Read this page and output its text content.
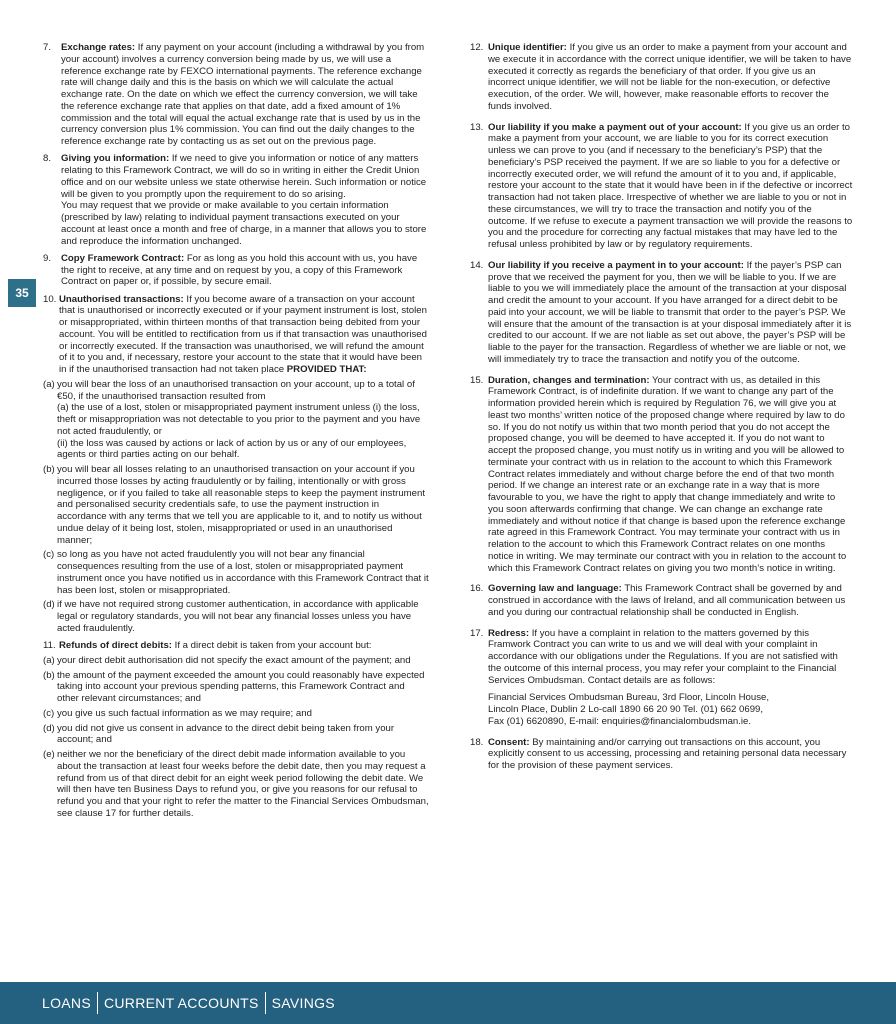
35
7. Exchange rates: If any payment on your account (including a withdrawal by you from your account) involves a currency conversion being made by us, we will use a reference exchange rate by FEXCO international payments. The reference exchange rate will change daily and this is the basis on which we will calculate the actual exchange rate. On the date on which we effect the currency conversion, we will take the reference exchange rate that applies on that date, add a fixed amount of 1% commission and the total will equal the actual exchange rate that is used by us in the currency conversion plus 1% commission. You can find out the daily changes to the reference exchange rate by contacting us as set out on the previous page.

8. Giving you information: If we need to give you information or notice of any matters relating to this Framework Contract, we will do so in writing in either the Credit Union office and on our website unless we state otherwise herein. Such information or notice will be given to you promptly upon the requirement to do so arising.

You may request that we provide or make available to you certain information (prescribed by law) relating to individual payment transactions executed on your account at least once a month and free of charge, in a manner that allows you to store and reproduce the information unchanged.

9. Copy Framework Contract: For as long as you hold this account with us, you have the right to receive, at any time and on request by you, a copy of this Framework Contract on paper or, if possible, by secure email.

10. Unauthorised transactions: If you become aware of a transaction on your account that is unauthorised or incorrectly executed or if your payment instrument is lost, stolen or misappropriated, within thirteen months of that transaction being debited from your account. You will be entitled to rectification from us if that transaction was unauthorised or incorrectly executed. If the transaction was unauthorised, we will refund the amount of it to you and, if necessary, restore your account to the state that it would have been in if the unauthorised transaction had not taken place PROVIDED THAT:

(a) you will bear the loss of an unauthorised transaction on your account, up to a total of €50, if the unauthorised transaction resulted from

(a) the use of a lost, stolen or misappropriated payment instrument unless (i) the loss, theft or misappropriation was not detectable to you prior to the payment and you have not acted fraudulently, or

(ii) the loss was caused by actions or lack of action by us or any of our employees, agents or third parties acting on our behalf.

(b) you will bear all losses relating to an unauthorised transaction on your account if you incurred those losses by acting fraudulently or by failing, intentionally or with gross negligence, or if you failed to take all reasonable steps to keep the payment instrument and personalised security credentials safe, to use the payment instruction in accordance with any terms that we tell you are applicable to it, and to notify us without undue delay of it being lost, stolen, misappropriated or used in an unauthorised manner;

(c) so long as you have not acted fraudulently you will not bear any financial consequences resulting from the use of a lost, stolen or misappropriated payment instrument once you have notified us in accordance with this Framework Contract that it has been lost, stolen or misappropriated.

(d) if we have not required strong customer authentication, in accordance with applicable legal or regulatory standards, you will not bear any financial losses unless you have acted fraudulently.

11. Refunds of direct debits: If a direct debit is taken from your account but:

(a) your direct debit authorisation did not specify the exact amount of the payment; and

(b) the amount of the payment exceeded the amount you could reasonably have expected taking into account your previous spending patterns, this Framework Contract and other relevant circumstances; and

(c) you give us such factual information as we may require; and

(d) you did not give us consent in advance to the direct debit being taken from your account; and

(e) neither we nor the beneficiary of the direct debit made information available to you about the transaction at least four weeks before the debit date, then you may request a refund from us of that direct debit for an eight week period following the debit date. We will then have ten Business Days to refund you, or give you reasons for our refusal to refund you and that your right to refer the matter to the Financial Services Ombudsman, see clause 17 for further details.

12. Unique identifier: If you give us an order to make a payment from your account and we execute it in accordance with the correct unique identifier, we will be taken to have executed it correctly as regards the beneficiary of that order. If you give us an incorrect unique identifier, we will not be liable for the non-execution, or defective execution, of the order. We will, however, make reasonable efforts to recover the funds involved.

13. Our liability if you make a payment out of your account: If you give us an order to make a payment from your account, we are liable to you for its correct execution unless we can prove to you (and if necessary to the beneficiary’s PSP) that the beneficiary’s PSP received the payment. If we are so liable to you for a defective or incorrectly executed order, we will refund the amount of it to you and, if applicable, restore your account to the state that it would have been in if the defective or incorrect transaction had not taken place. Irrespective of whether we are liable to you or not in these circumstances, we will try to trace the transaction and notify you of the outcome. If we refuse to execute a payment transaction we will provide the reasons to you and the procedure for correcting any factual mistakes that may have led to the refusal unless prohibited by law or by regulatory requirements.

14. Our liability if you receive a payment in to your account: If the payer’s PSP can prove that we received the payment for you, then we will be liable to you. If we are liable to you we will immediately place the amount of the transaction at your disposal and credit the amount to your account. If you have arranged for a direct debit to be paid into your account, we will be liable to transmit that order to the payer’s PSP. We will ensure that the amount of the transaction is at your disposal immediately after it is credited to our account. If we are not liable as set out above, the payer’s PSP will be liable to the payer for the transaction. Regardless of whether we are liable or not, we will immediately try to trace the transaction and notify you of the outcome.

15. Duration, changes and termination: Your contract with us, as detailed in this Framework Contract, is of indefinite duration. If we want to change any part of the information provided herein which is required by Regulation 76, we will give you at least two months’ written notice of the proposed change where required by law to do so. If you do not notify us within that two month period that you do not accept the proposed change, you will be deemed to have accepted it. If you do not want to accept the proposed change, you must notify us in writing and you will be allowed to terminate your contract with us in relation to the account to which this Framework Contract relates immediately and without charge before the end of that two month period. If we change an interest rate or an exchange rate in a way that is more favourable to you, we have the right to apply that change immediately and write to you soon afterwards confirming that change. We can change an exchange rate immediately and without notice if that change is based upon the reference exchange rate agreed in this Framework Contract. You may terminate your contract with us in relation to the account to which this Framework Contract relates on one months notice in writing. We may terminate our contract with you in relation to the account to which this Framework Contract relates on giving you two month’s notice in writing.

16. Governing law and language: This Framework Contract shall be governed by and construed in accordance with the laws of Ireland, and all communication between us and you during our contractual relationship shall be conducted in English.

17. Redress: If you have a complaint in relation to the matters governed by this Framwork Contract you can write to us and we will deal with your complaint in accordance with our obligations under the Regulations. If you are not satisfied with the outcome of this internal process, you may refer your complaint to the Financial Services Ombudsman. Contact details are as follows:

Financial Services Ombudsman Bureau, 3rd Floor, Lincoln House,
Lincoln Place, Dublin 2 Lo-call 1890 66 20 90 Tel. (01) 662 0699,
Fax (01) 6620890, E-mail: enquiries@financialombudsman.ie.
18. Consent: By maintaining and/or carrying out transactions on this account, you explicitly consent to us accessing, processing and retaining personal data necessary for the provision of these payment services.

LOANS CURRENT ACCOUNTS SAVINGS
